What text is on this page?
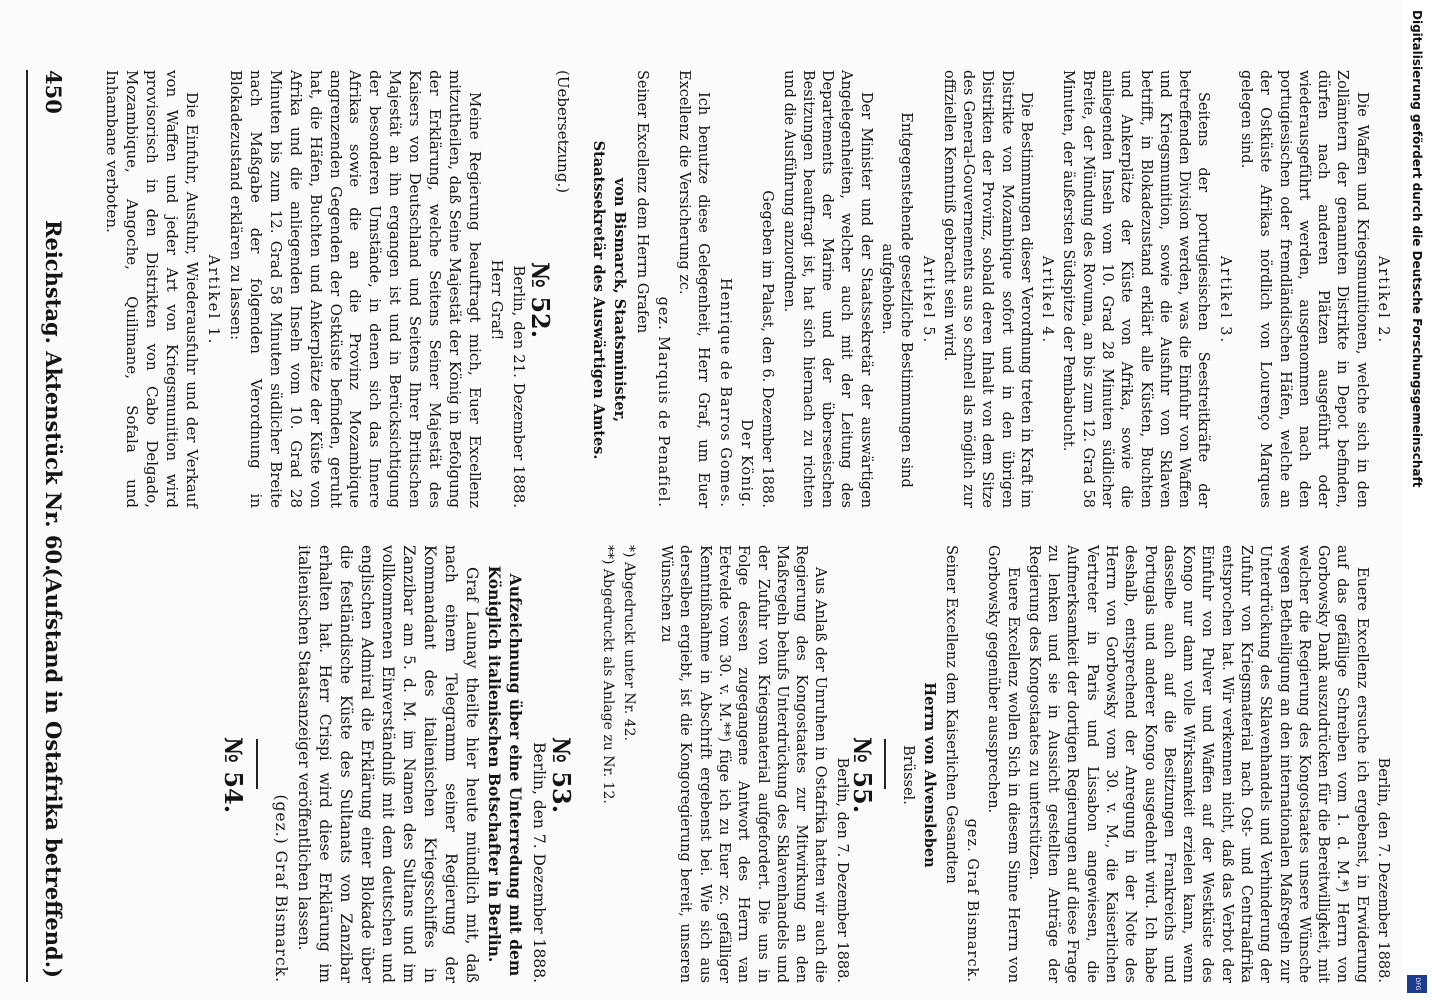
Digitalisierung gefördert durch die Deutsche Forschungsgemeinschaft
DFG
450
Reichstag. Aktenstück Nr. 60.
(Aufstand in Ostafrika betreffend.)

(Uebersetzung.)

№ 52.

Berlin, den 21. Dezember 1888.

Herr Graf!

Meine Regierung beauftragt mich, Euer Excellenz mitzutheilen, daß Seine Majestät der König in Befolgung der Erklärung, welche Seitens Seiner Majestät des Kaisers von Deutschland und Seitens Ihrer Britischen Majestät an ihn ergangen ist und in Berücksichtigung der besonderen Umstände, in denen sich das Innere Afrikas sowie die an die Provinz Mozambique angrenzenden Gegenden der Ostküste befinden, geruht hat, die Häfen, Buchten und Ankerplätze der Küste von Afrika und die anliegenden Inseln vom 10. Grad 28 Minuten bis zum 12. Grad 58 Minuten südlicher Breite nach Maßgabe der folgenden Verordnung in Blokadezustand erklären zu lassen:

Artikel 1.

Die Einfuhr, Ausfuhr, Wiederausfuhr und der Verkauf von Waffen und jeder Art von Kriegsmunition wird provisorisch in den Distrikten von Cabo Delgado, Mozambique, Angoche, Quilimane, Sofala und Inhambane verboten.

Artikel 2.

Die Waffen und Kriegsmunitionen, welche sich in den Zollämtern der genannten Distrikte in Depot befinden, dürfen nach anderen Plätzen ausgeführt oder wiederausgeführt werden, ausgenommen nach den portugiesischen oder fremdländischen Häfen, welche an der Ostküste Afrikas nördlich von Lourenço Marques gelegen sind.

Artikel 3.

Seitens der portugiesischen Seestreitkräfte der betreffenden Division werden, was die Einfuhr von Waffen und Kriegsmunition, sowie die Ausfuhr von Sklaven betrifft, in Blokadezustand erklärt alle Küsten, Buchten und Ankerplätze der Küste von Afrika, sowie die anliegenden Inseln vom 10. Grad 28 Minuten südlicher Breite, der Mündung des Rovuma, an bis zum 12. Grad 58 Minuten, der äußersten Südspitze der Pembabucht.

Artikel 4.

Die Bestimmungen dieser Verordnung treten in Kraft im Distrikte von Mozambique sofort und in den übrigen Distrikten der Provinz, sobald deren Inhalt von dem Sitze des General-Gouvernements aus so schnell als möglich zur offiziellen Kenntniß gebracht sein wird.

Artikel 5.

Entgegenstehende gesetzliche Bestimmungen sind aufgehoben.

Der Minister und der Staatssekretär der auswärtigen Angelegenheiten, welcher auch mit der Leitung des Departements der Marine und der überseeischen Besitzungen beauftragt ist, hat sich hiernach zu richten und die Ausführung anzuordnen.

Gegeben im Palast, den 6. Dezember 1888.

Der König.

Henrique de Barros Gomes.

Ich benutze diese Gelegenheit, Herr Graf, um Euer Excellenz die Versicherung zc.

gez. Marquis de Penafiel.

Seiner Excellenz dem Herrn Grafen

von Bismarck, Staatsminister,

Staatssekretär des Auswärtigen Amtes.

№ 53.

Berlin, den 7. Dezember 1888.

Aufzeichnung über eine Unterredung mit dem Königlich italienischen Botschafter in Berlin.

Graf Launay theilte hier heute mündlich mit, daß nach einem Telegramm seiner Regierung der Kommandant des italienischen Kriegsschiffes in Zanzibar am 5. d. M. im Namen des Sultans und im vollkommenen Einverständniß mit dem deutschen und englischen Admiral die Erklärung einer Blokade über die festländische Küste des Sultanats von Zanzibar erhalten hat. Herr Crispi wird diese Erklärung im italienischen Staatsanzeiger veröffentlichen lassen.

(gez.) Graf Bismarck.

№ 54.	Berlin, den 7. Dezember 1888.

Euere Excellenz ersuche ich ergebenst, in Erwiderung auf das gefällige Schreiben vom 1. d. M.*) Herrn von Gorbowsky Dank auszudrücken für die Bereitwilligkeit, mit welcher die Regierung des Kongostaates unsere Wünsche wegen Betheiligung an den internationalen Maßregeln zur Unterdrückung des Sklavenhandels und Verhinderung der Zufuhr von Kriegsmaterial nach Ost- und Centralafrika entsprochen hat. Wir verkennen nicht, daß das Verbot der Einfuhr von Pulver und Waffen auf der Westküste des Kongo nur dann volle Wirksamkeit erzielen kann, wenn dasselbe auch auf die Besitzungen Frankreichs und Portugals und anderer Kongo ausgedehnt wird. Ich habe deshalb, entsprechend der Anregung in der Note des Herrn von Gorbowsky vom 30. v. M., die Kaiserlichen Vertreter in Paris und Lissabon angewiesen, die Aufmerksamkeit der dortigen Regierungen auf diese Frage zu lenken und sie in Aussicht gestellten Anträge der Regierung des Kongostaates zu unterstützen.

Euere Excellenz wollen Sich in diesem Sinne Herrn von Gorbowsky gegenüber aussprechen.

gez. Graf Bismarck.

Seiner Excellenz dem Kaiserlichen Gesandten

Herrn von Alvensleben

Brüssel.

№ 55.

Berlin, den 7. Dezember 1888.

Aus Anlaß der Unruhen in Ostafrika hatten wir auch die Regierung des Kongostaates zur Mitwirkung an den Maßregeln behufs Unterdrückung des Sklavenhandels und der Zufuhr von Kriegsmaterial aufgefordert. Die uns in Folge dessen zugegangene Antwort des Herrn van Eetvelde vom 30. v. M.**) füge ich zu Euer zc. gefälliger Kenntnißnahme in Abschrift ergebenst bei. Wie sich aus derselben ergiebt, ist die Kongoregierung bereit, unseren Wünschen zu

*) Abgedruckt unter Nr. 42.

**) Abgedruckt als Anlage zu Nr. 12.
